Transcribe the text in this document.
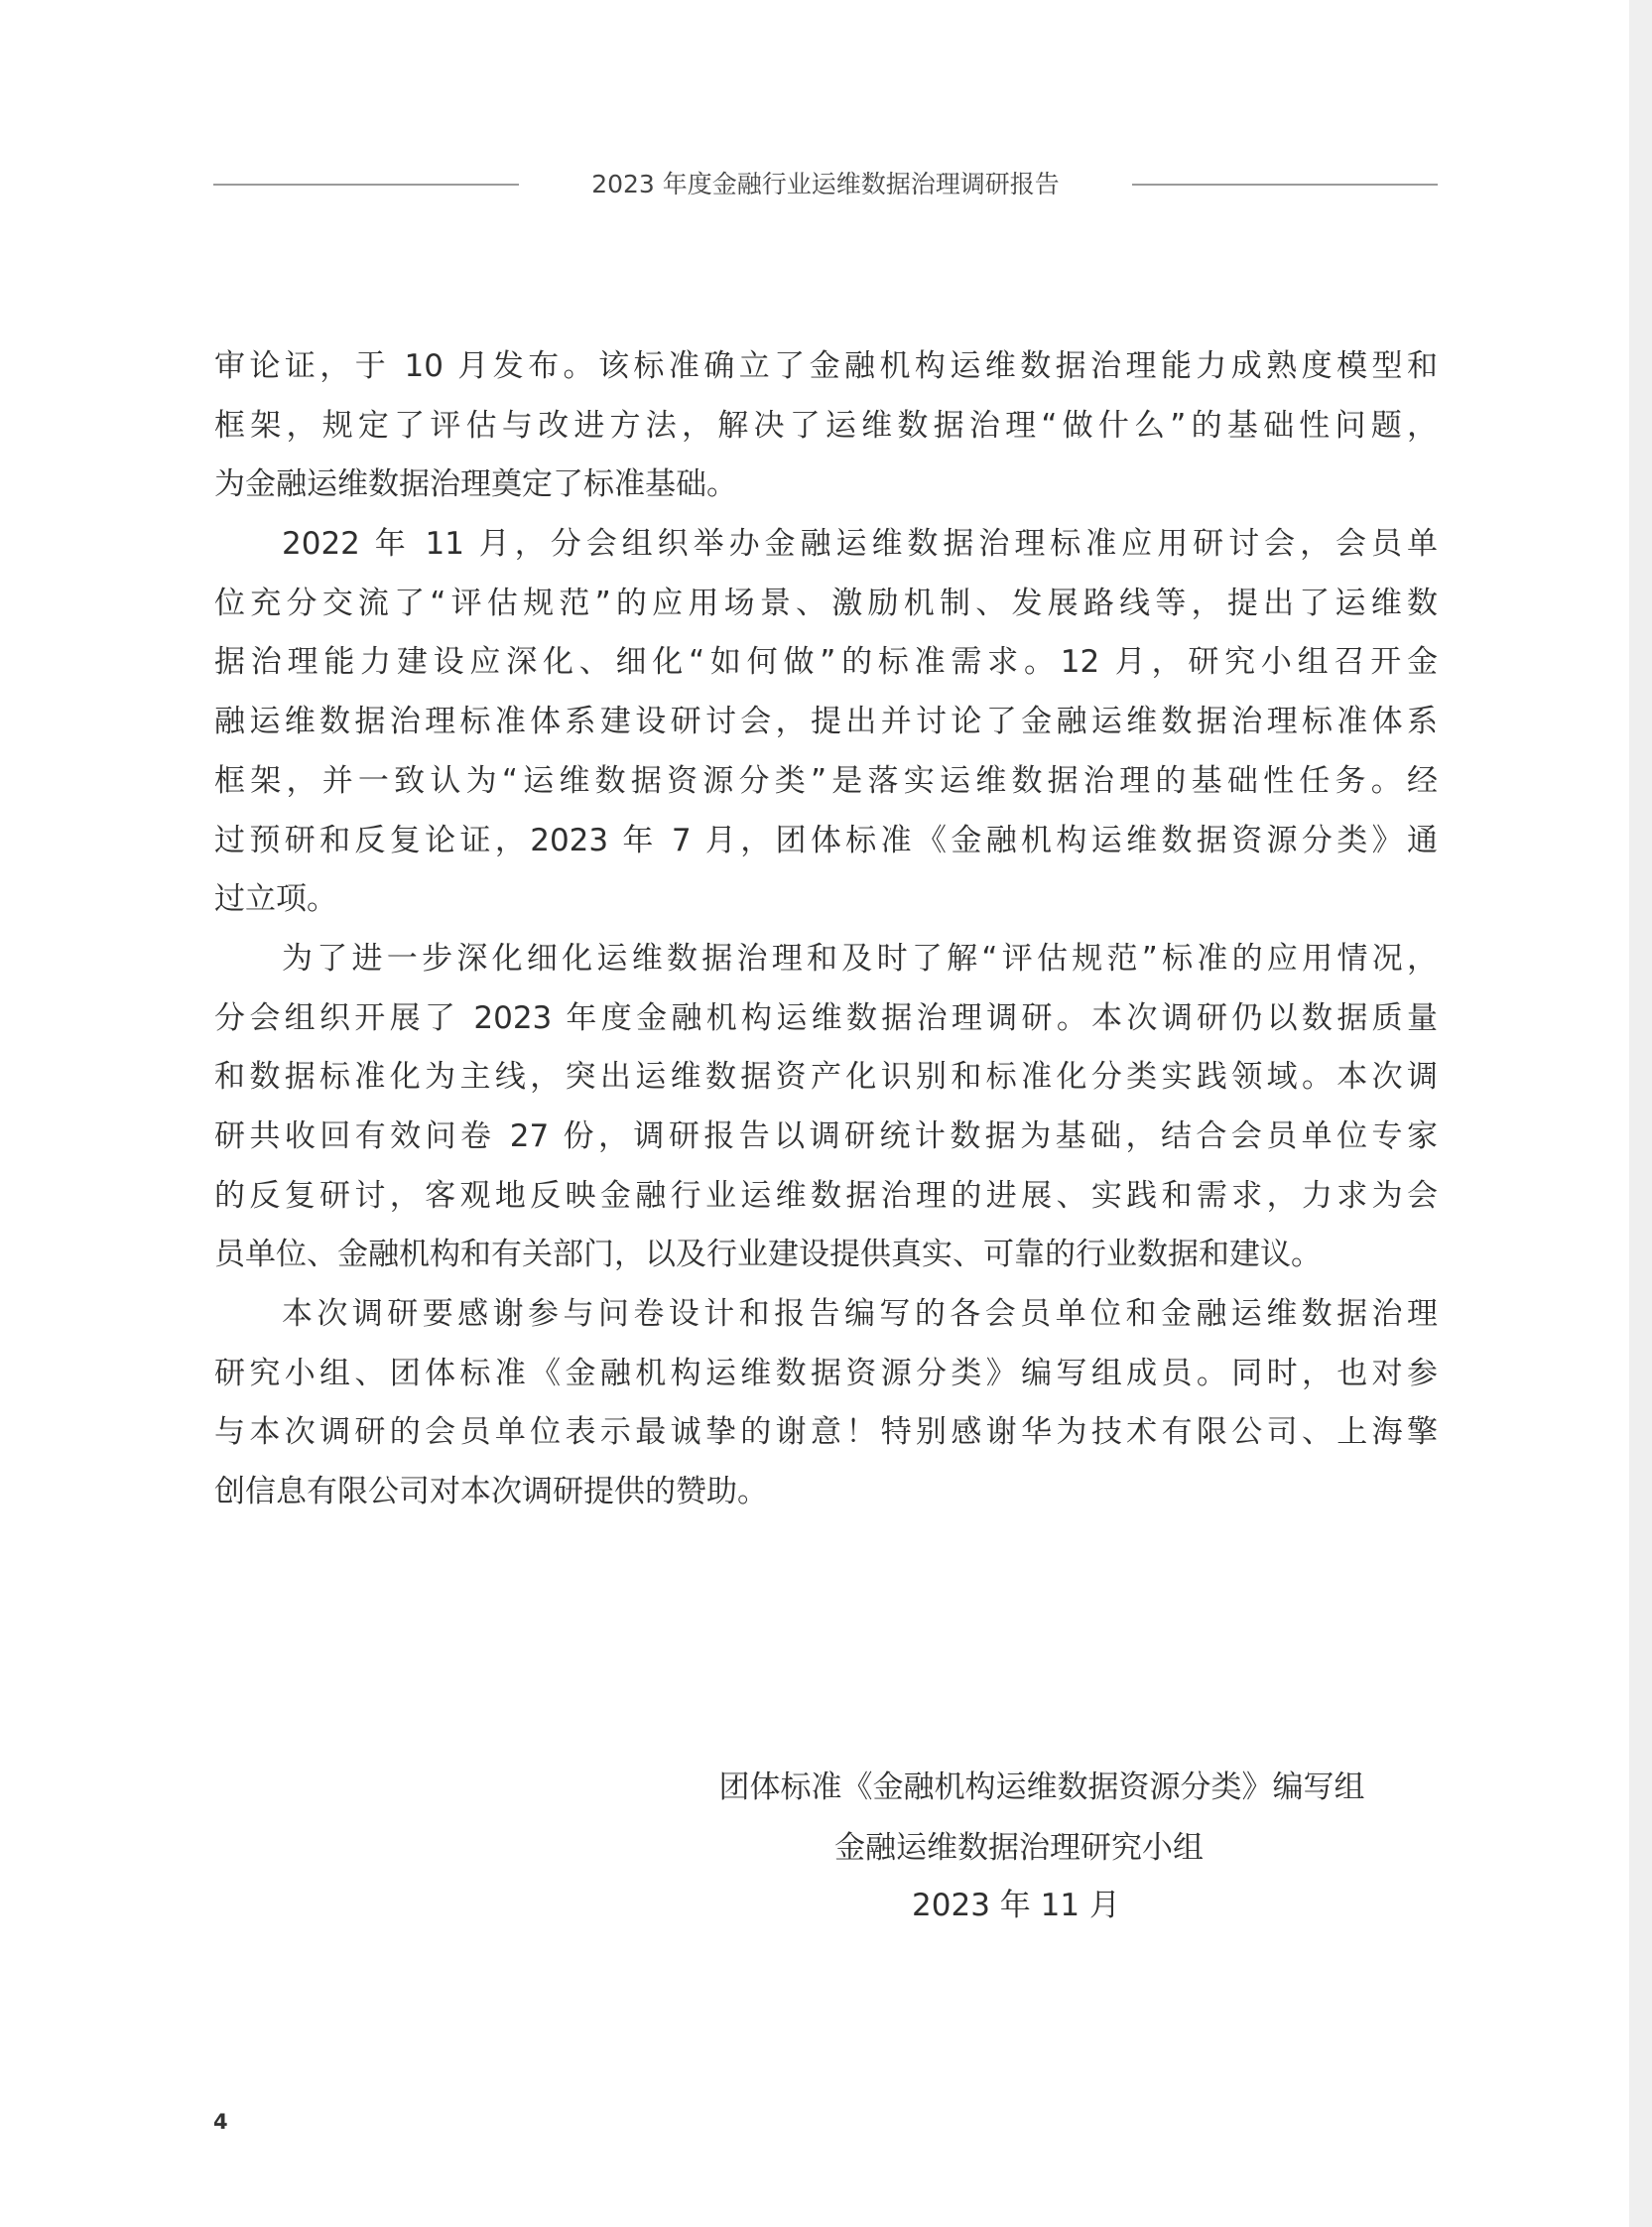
2023 年度金融行业运维数据治理调研报告
审论证，于 10 月发布。该标准确立了金融机构运维数据治理能力成熟度模型和
框架，规定了评估与改进方法，解决了运维数据治理“做什么”的基础性问题，
为金融运维数据治理奠定了标准基础。
2022 年 11 月，分会组织举办金融运维数据治理标准应用研讨会，会员单
位充分交流了“评估规范”的应用场景、激励机制、发展路线等，提出了运维数
据治理能力建设应深化、细化“如何做”的标准需求。12 月，研究小组召开金
融运维数据治理标准体系建设研讨会，提出并讨论了金融运维数据治理标准体系
框架，并一致认为“运维数据资源分类”是落实运维数据治理的基础性任务。经
过预研和反复论证，2023 年 7 月，团体标准《金融机构运维数据资源分类》通
过立项。
为了进一步深化细化运维数据治理和及时了解“评估规范”标准的应用情况，
分会组织开展了 2023 年度金融机构运维数据治理调研。本次调研仍以数据质量
和数据标准化为主线，突出运维数据资产化识别和标准化分类实践领域。本次调
研共收回有效问卷 27 份，调研报告以调研统计数据为基础，结合会员单位专家
的反复研讨，客观地反映金融行业运维数据治理的进展、实践和需求，力求为会
员单位、金融机构和有关部门，以及行业建设提供真实、可靠的行业数据和建议。
本次调研要感谢参与问卷设计和报告编写的各会员单位和金融运维数据治理
研究小组、团体标准《金融机构运维数据资源分类》编写组成员。同时，也对参
与本次调研的会员单位表示最诚挚的谢意！特别感谢华为技术有限公司、上海擎
创信息有限公司对本次调研提供的赞助。
团体标准《金融机构运维数据资源分类》编写组
金融运维数据治理研究小组
2023 年 11 月
4
